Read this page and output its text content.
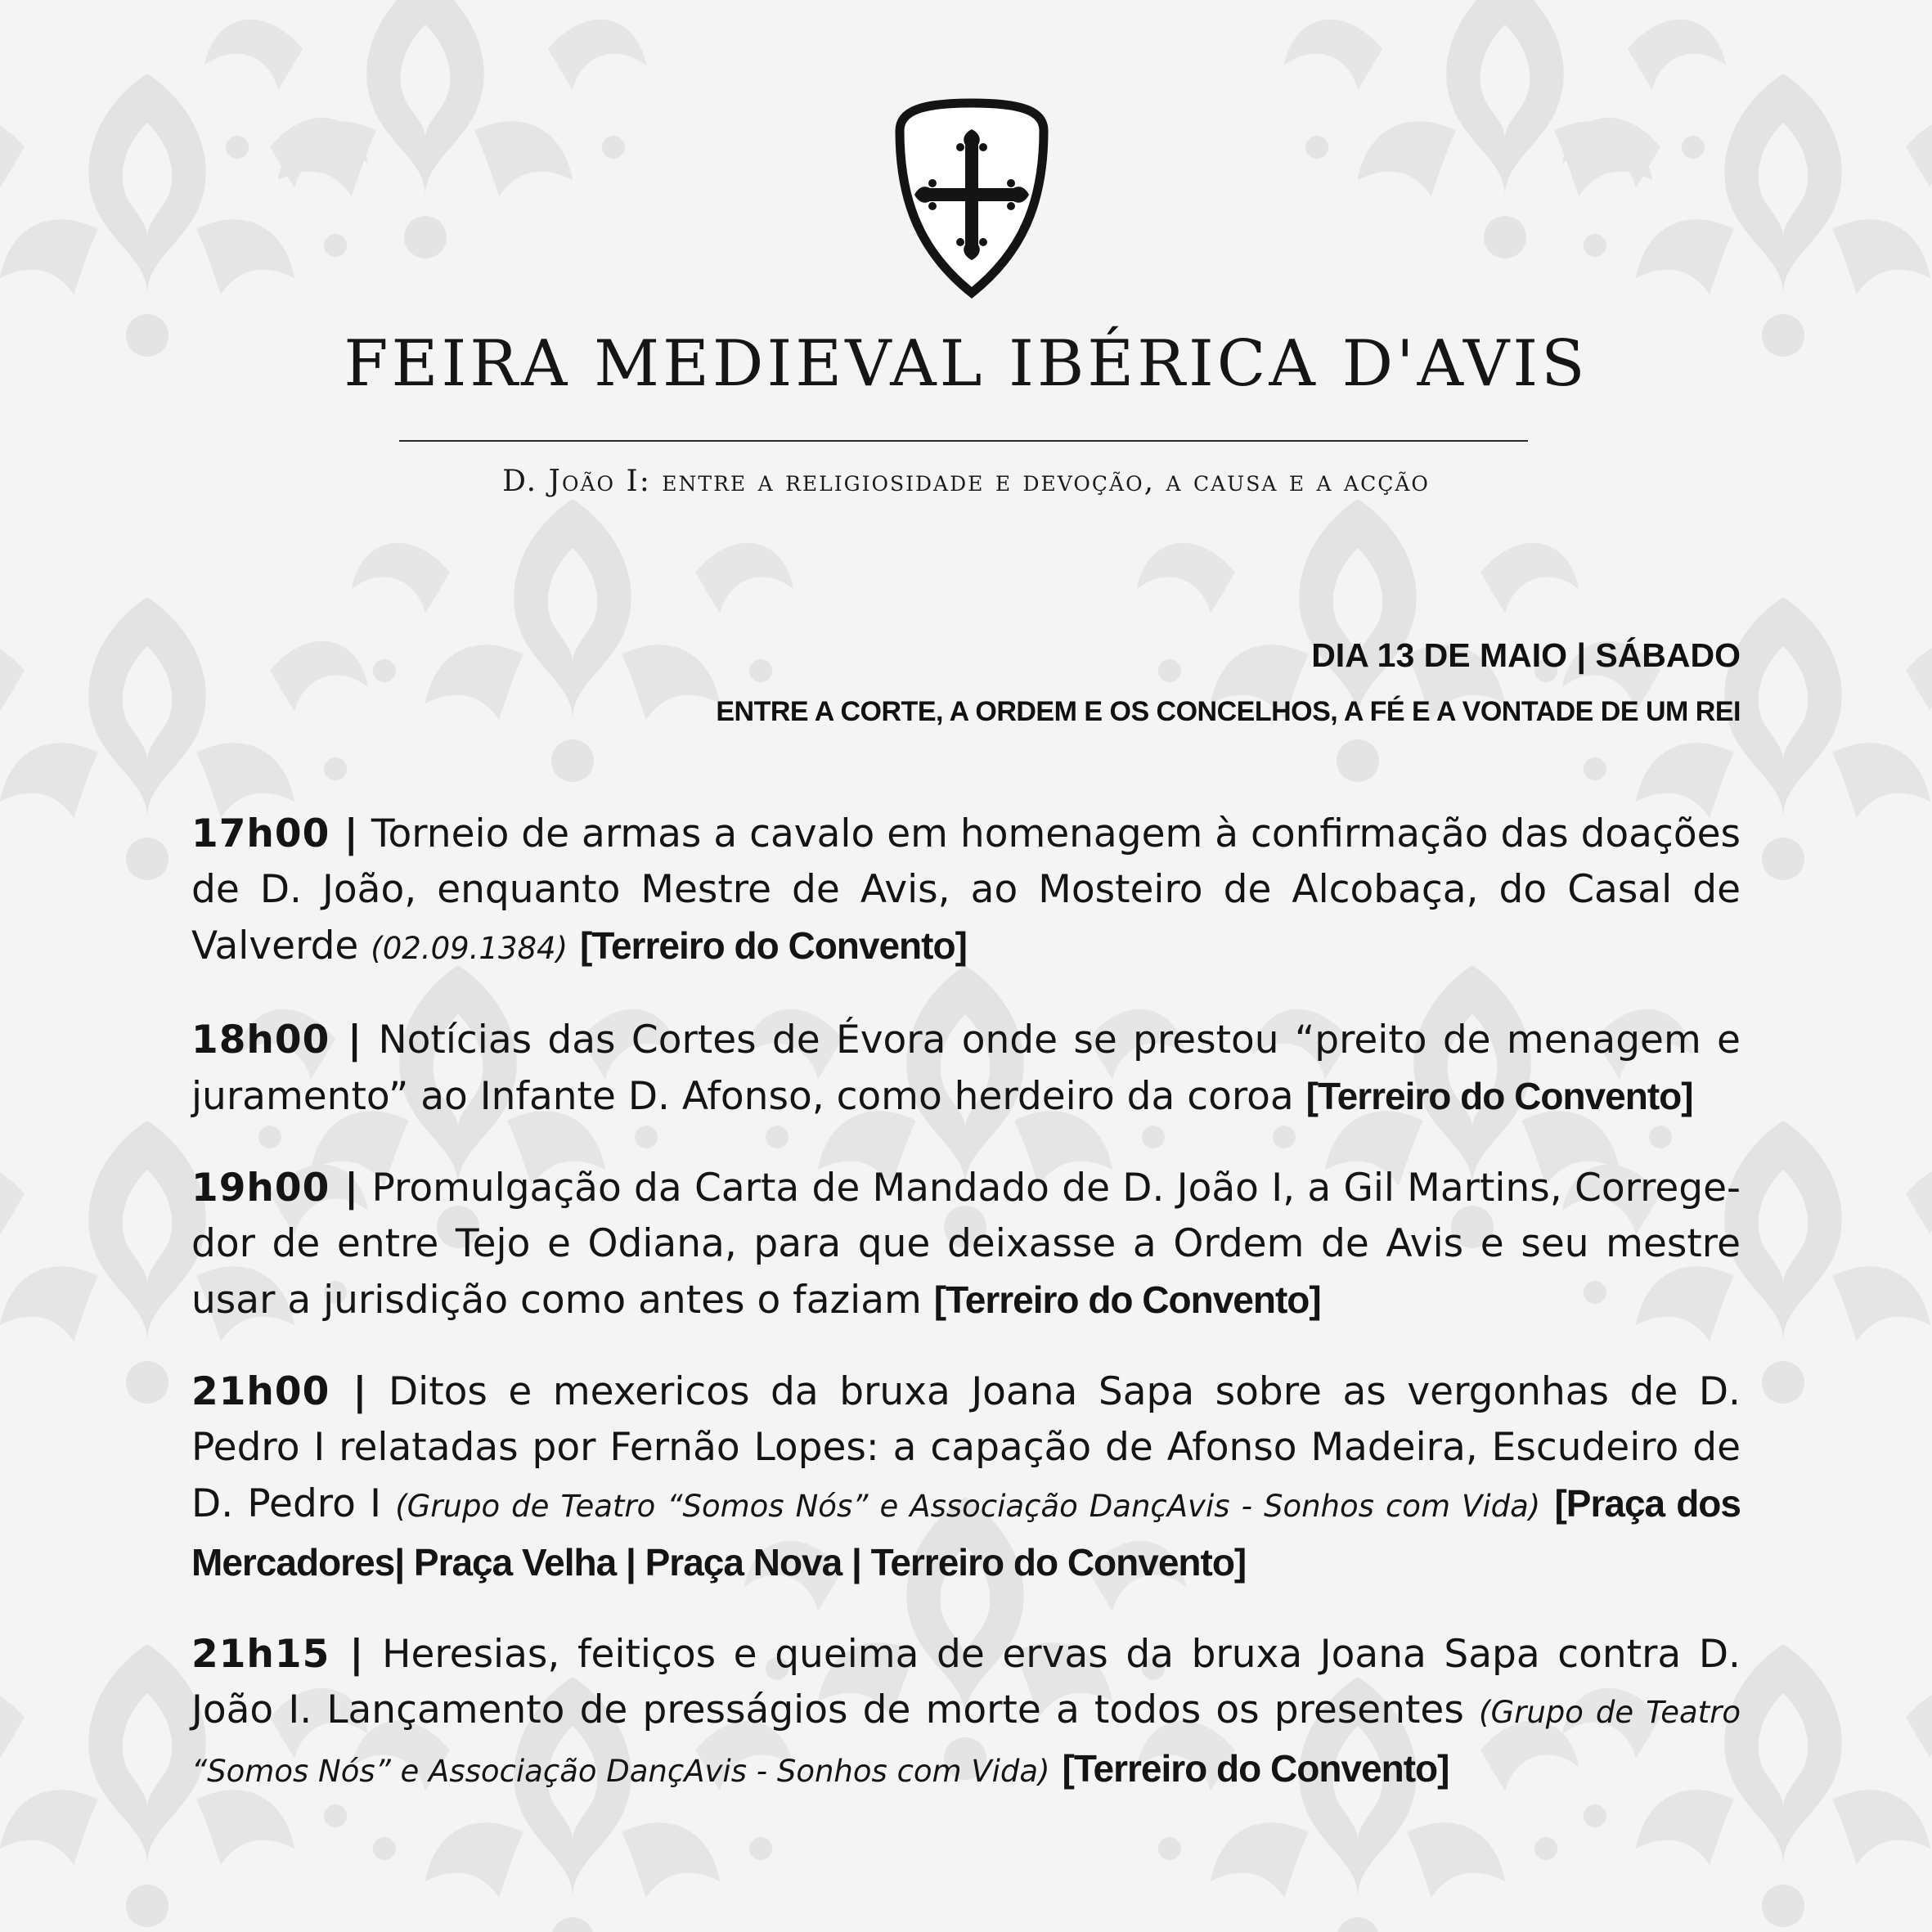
FEIRA MEDIEVAL IBÉRICA D'AVIS
D. João I: entre a religiosidade e devoção, a causa e a acção
DIA 13 DE MAIO | SÁBADO
ENTRE A CORTE, A ORDEM E OS CONCELHOS, A FÉ E A VONTADE DE UM REI

17h00 | Torneio de armas a cavalo em homenagem à confirmação das doações de D. João, enquanto Mestre de Avis, ao Mosteiro de Alcobaça, do Casal de Valverde (02.09.1384) [Terreiro do Convento]

18h00 | Notícias das Cortes de Évora onde se prestou “preito de menagem e juramento” ao Infante D. Afonso, como herdeiro da coroa [Terreiro do Convento]

19h00 | Promulgação da Carta de Mandado de D. João I, a Gil Martins, Corregedor de entre Tejo e Odiana, para que deixasse a Ordem de Avis e seu mestre usar a jurisdição como antes o faziam [Terreiro do Convento]

21h00 | Ditos e mexericos da bruxa Joana Sapa sobre as vergonhas de D. Pedro I relatadas por Fernão Lopes: a capação de Afonso Madeira, Escudeiro de D. Pedro I (Grupo de Teatro “Somos Nós” e Associação DançAvis - Sonhos com Vida) [Praça dos Mercadores| Praça Velha | Praça Nova | Terreiro do Convento]

21h15 | Heresias, feitiços e queima de ervas da bruxa Joana Sapa contra D. João I. Lançamento de presságios de morte a todos os presentes (Grupo de Teatro “Somos Nós” e Associação DançAvis - Sonhos com Vida) [Terreiro do Convento]
